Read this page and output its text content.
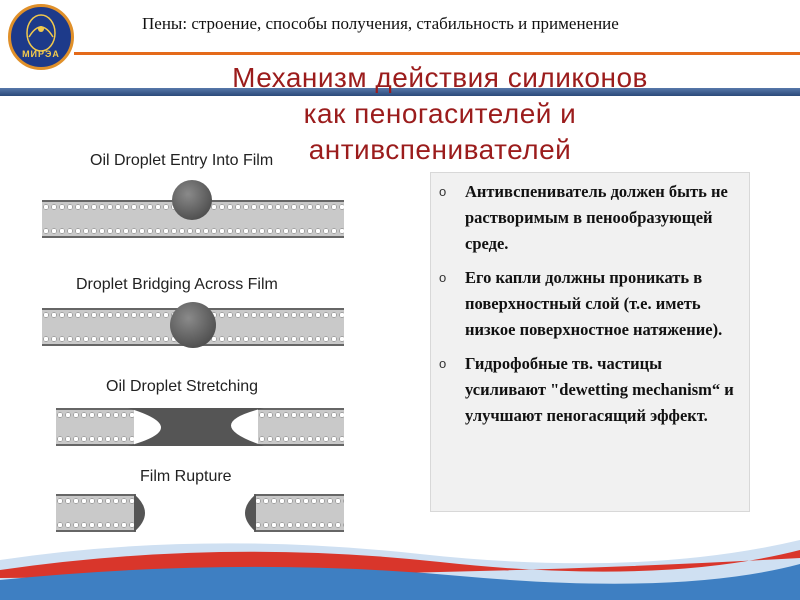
МИРЭА
Пены: строение, способы получения, стабильность и применение
Oil Droplet Entry Into Film
Droplet Bridging Across Film
Oil Droplet Stretching
Film Rupture
Механизм действия силиконов
как пеногасителей и
антивспенивателей
o Антивспениватель должен быть не растворимым в пенообразующей среде.
o Его капли должны проникать в поверхностный слой (т.е. иметь низкое поверхностное натяжение).
o Гидрофобные тв. частицы усиливают "dewetting mechanism“ и улучшают пеногасящий эффект.
